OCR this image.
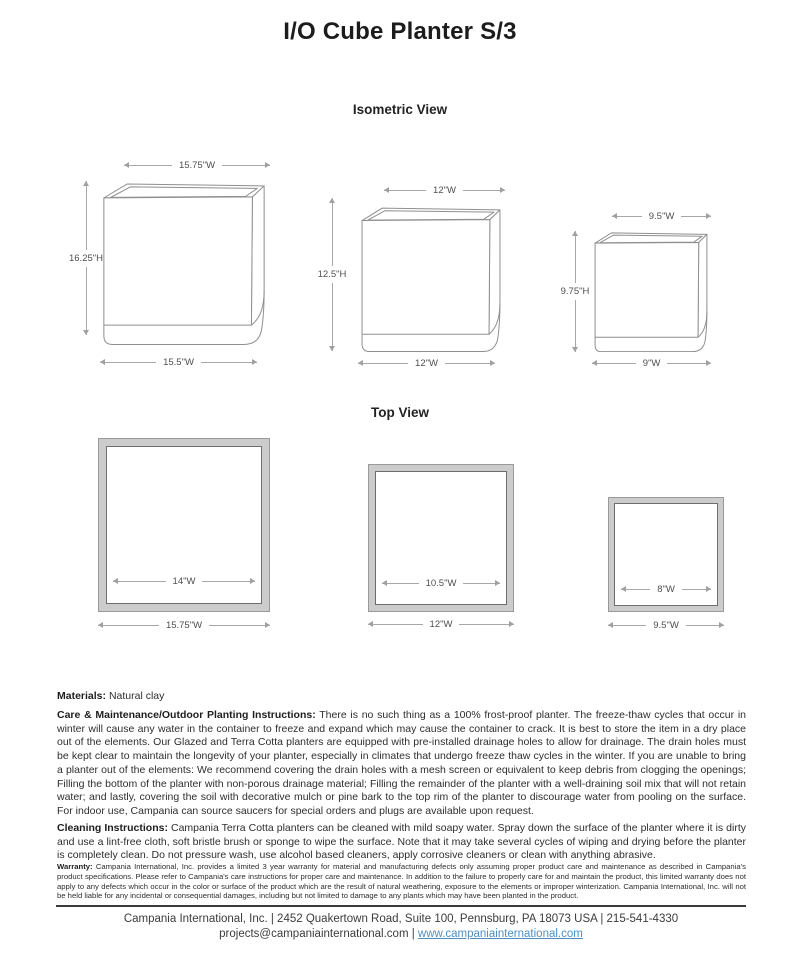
I/O Cube Planter S/3
Isometric View
15.75"W
16.25"H
15.5"W
12"W
12.5"H
12"W
9.5"W
9.75"H
9"W
Top View
14"W
15.75"W
10.5"W
12"W
8"W
9.5"W

Materials: Natural clay

Care & Maintenance/Outdoor Planting Instructions: There is no such thing as a 100% frost-proof planter. The freeze-thaw cycles that occur in winter will cause any water in the container to freeze and expand which may cause the container to crack. It is best to store the item in a dry place out of the elements. Our Glazed and Terra Cotta planters are equipped with pre-installed drainage holes to allow for drainage. The drain holes must be kept clear to maintain the longevity of your planter, especially in climates that undergo freeze thaw cycles in the winter. If you are unable to bring a planter out of the elements: We recommend covering the drain holes with a mesh screen or equivalent to keep debris from clogging the openings; Filling the bottom of the planter with non-porous drainage material; Filling the remainder of the planter with a well-draining soil mix that will not retain water; and lastly, covering the soil with decorative mulch or pine bark to the top rim of the planter to discourage water from pooling on the surface. For indoor use, Campania can source saucers for special orders and plugs are available upon request.

Cleaning Instructions: Campania Terra Cotta planters can be cleaned with mild soapy water. Spray down the surface of the planter where it is dirty and use a lint-free cloth, soft bristle brush or sponge to wipe the surface. Note that it may take several cycles of wiping and drying before the planter is completely clean. Do not pressure wash, use alcohol based cleaners, apply corrosive cleaners or clean with anything abrasive.

Warranty: Campania International, Inc. provides a limited 3 year warranty for material and manufacturing defects only assuming proper product care and maintenance as described in Campania's product specifications. Please refer to Campania's care instructions for proper care and maintenance. In addition to the failure to properly care for and maintain the product, this limited warranty does not apply to any defects which occur in the color or surface of the product which are the result of natural weathering, exposure to the elements or improper winterization. Campania International, Inc. will not be held liable for any incidental or consequential damages, including but not limited to damage to any plants which may have been planted in the product.

Campania International, Inc. | 2452 Quakertown Road, Suite 100, Pennsburg, PA 18073 USA | 215-541-4330
projects@campaniainternational.com | www.campaniainternational.com
